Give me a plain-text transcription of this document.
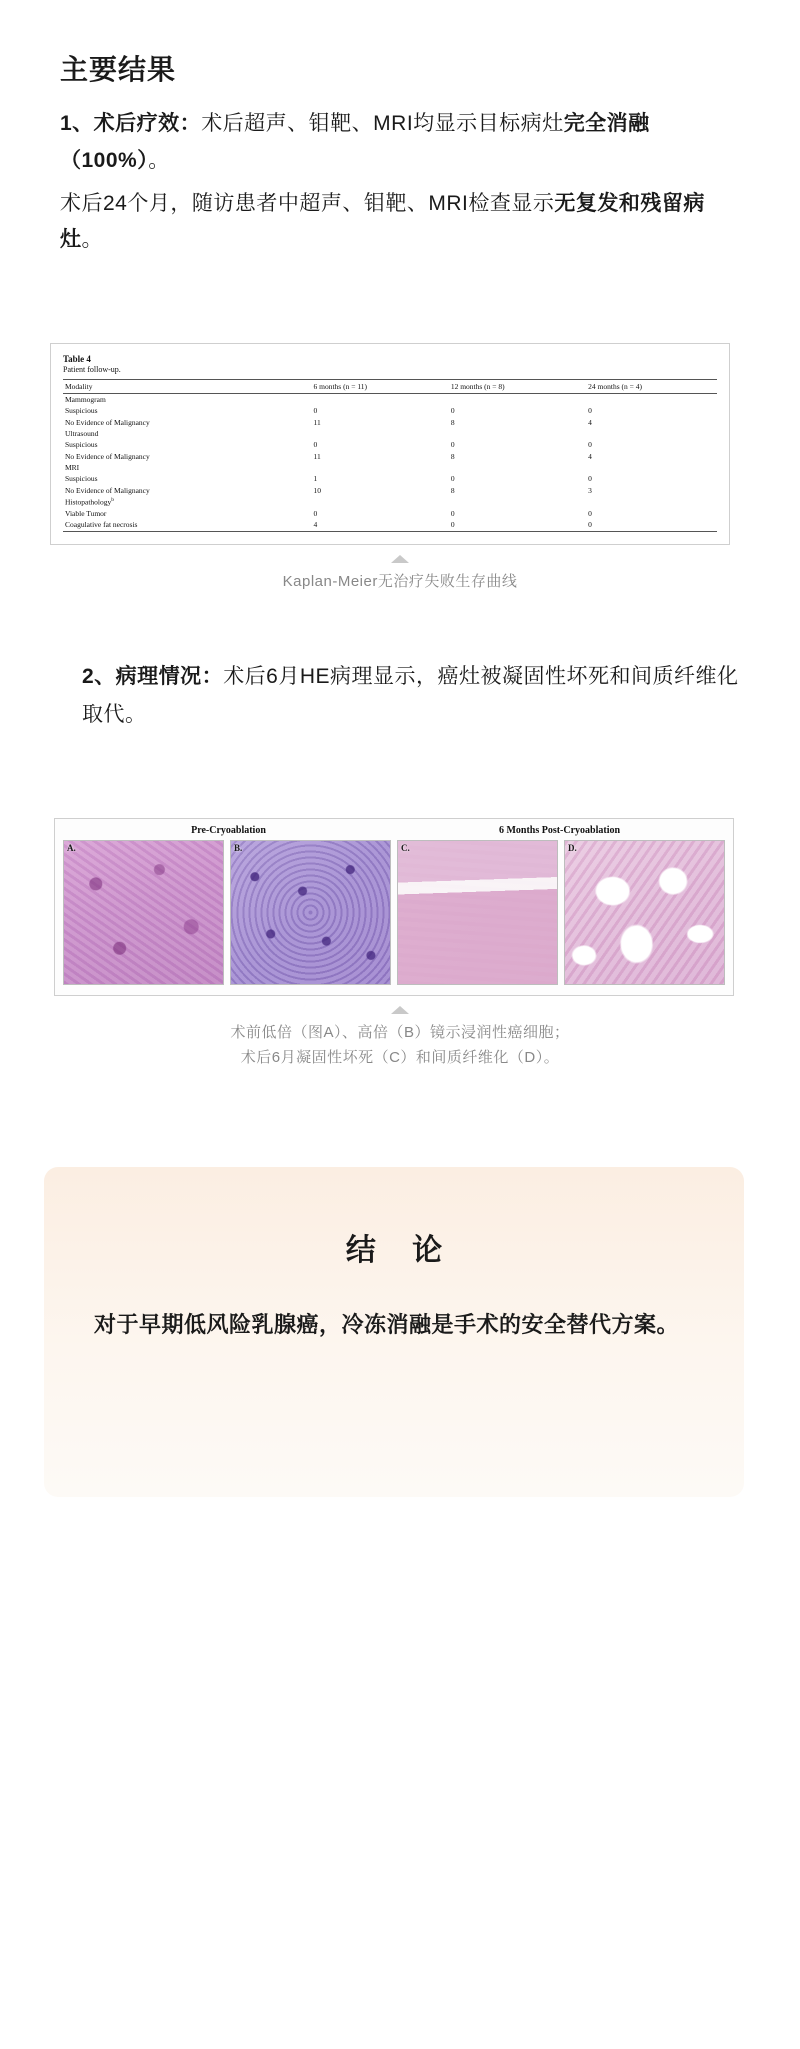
主要结果

1、术后疗效：术后超声、钼靶、MRI均显示目标病灶完全消融（100%）。

术后24个月，随访患者中超声、钼靶、MRI检查显示无复发和残留病灶。

Table 4
Patient follow-up.
Modality	6 months (n = 11)	12 months (n = 8)	24 months (n = 4)
Mammogram			
Suspicious	0	0	0
No Evidence of Malignancy	11	8	4
Ultrasound			
Suspicious	0	0	0
No Evidence of Malignancy	11	8	4
MRI			
Suspicious	1	0	0
No Evidence of Malignancy	10	8	3
Histopathology$^b$			
Viable Tumor	0	0	0
Coagulative fat necrosis	4	0	0
Kaplan-Meier无治疗失败生存曲线

2、病理情况：术后6月HE病理显示，癌灶被凝固性坏死和间质纤维化取代。

Pre-Cryoablation	6 Months Post-Cryoablation
A.	B.	C.	D.
术前低倍（图A）、高倍（B）镜示浸润性癌细胞；
术后6月凝固性坏死（C）和间质纤维化（D）。
结 论

对于早期低风险乳腺癌，冷冻消融是手术的安全替代方案。
